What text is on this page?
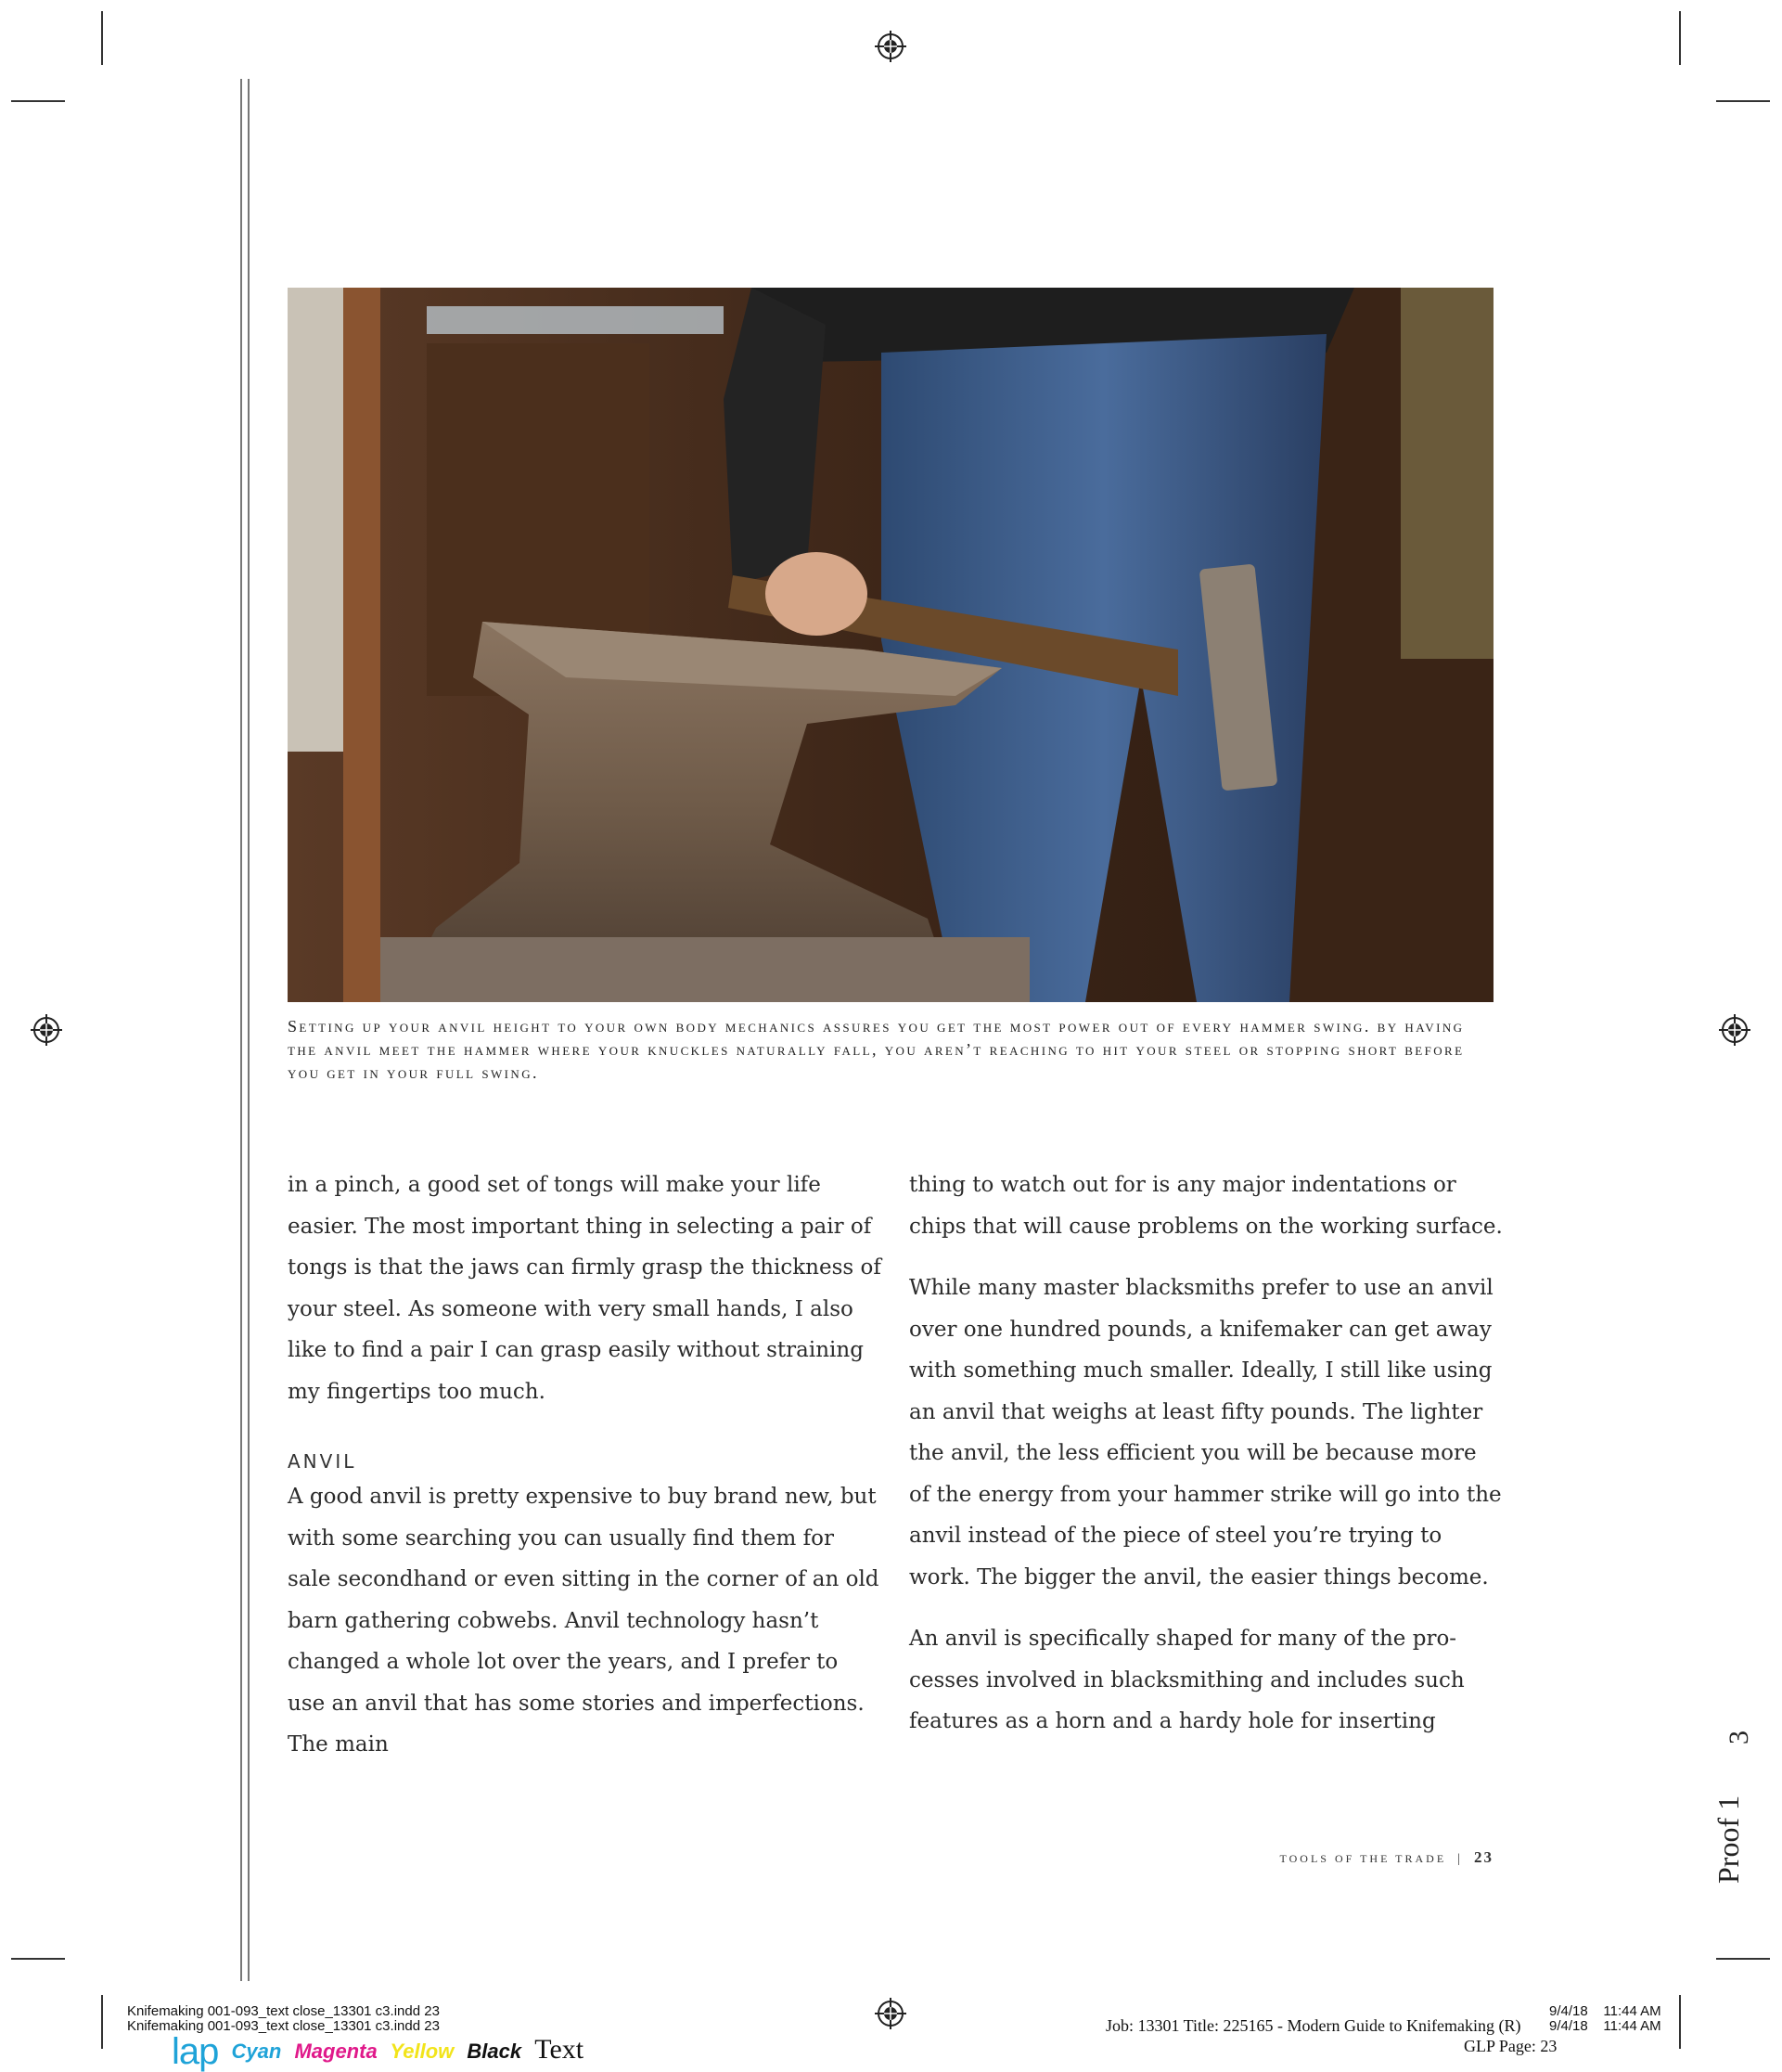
Setting up your anvil height to your own body mechanics assures you get the most power out of every hammer swing. by having the anvil meet the hammer where your knuckles naturally fall, you aren’t reaching to hit your steel or stopping short before you get in your full swing.

in a pinch, a good set of tongs will make your life easier. The most important thing in selecting a pair of tongs is that the jaws can firmly grasp the thickness of your steel. As someone with very small hands, I also like to find a pair I can grasp easily without straining my fingertips too much.

ANVIL

A good anvil is pretty expensive to buy brand new, but with some searching you can usually find them for sale secondhand or even sitting in the corner of an old barn gathering cobwebs. Anvil technology hasn’t changed a whole lot over the years, and I prefer to use an anvil that has some stories and imperfections. The main

thing to watch out for is any major indentations or chips that will cause problems on the working surface.

While many master blacksmiths prefer to use an anvil over one hundred pounds, a knifemaker can get away with something much smaller. Ideally, I still like using an anvil that weighs at least fifty pounds. The lighter the anvil, the less efficient you will be because more of the energy from your hammer strike will go into the anvil instead of the piece of steel you’re trying to work. The bigger the anvil, the easier things become.

An anvil is specifically shaped for many of the pro-cesses involved in blacksmithing and includes such features as a horn and a hardy hole for inserting

TOOLS OF THE TRADE | 23	Proof 1
3
Knifemaking 001-093_text close_13301 c3.indd 23
Knifemaking 001-093_text close_13301 c3.indd 23
lap Cyan Magenta Yellow Black Text
Job: 13301 Title: 225165 - Modern Guide to Knifemaking (R)
9/4/18    11:44 AM
9/4/18    11:44 AM
GLP Page: 23
